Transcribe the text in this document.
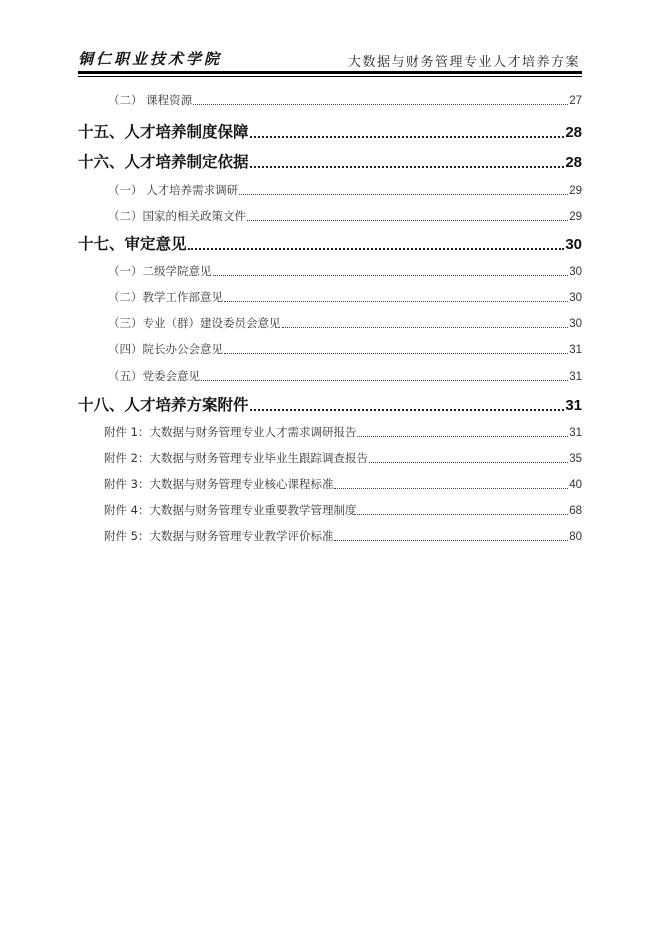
铜仁职业技术学院	大数据与财务管理专业人才培养方案
（二） 课程资源	27
十五、人才培养制度保障	28
十六、人才培养制定依据	28
（一） 人才培养需求调研	29
（二）国家的相关政策文件	29
十七、审定意见	30
（一）二级学院意见	30
（二）教学工作部意见	30
（三）专业（群）建设委员会意见	30
（四）院长办公会意见	31
（五）党委会意见	31
十八、人才培养方案附件	31
附件 1：大数据与财务管理专业人才需求调研报告	31
附件 2：大数据与财务管理专业毕业生跟踪调查报告	35
附件 3：大数据与财务管理专业核心课程标准	40
附件 4：大数据与财务管理专业重要教学管理制度	68
附件 5：大数据与财务管理专业教学评价标准	80
